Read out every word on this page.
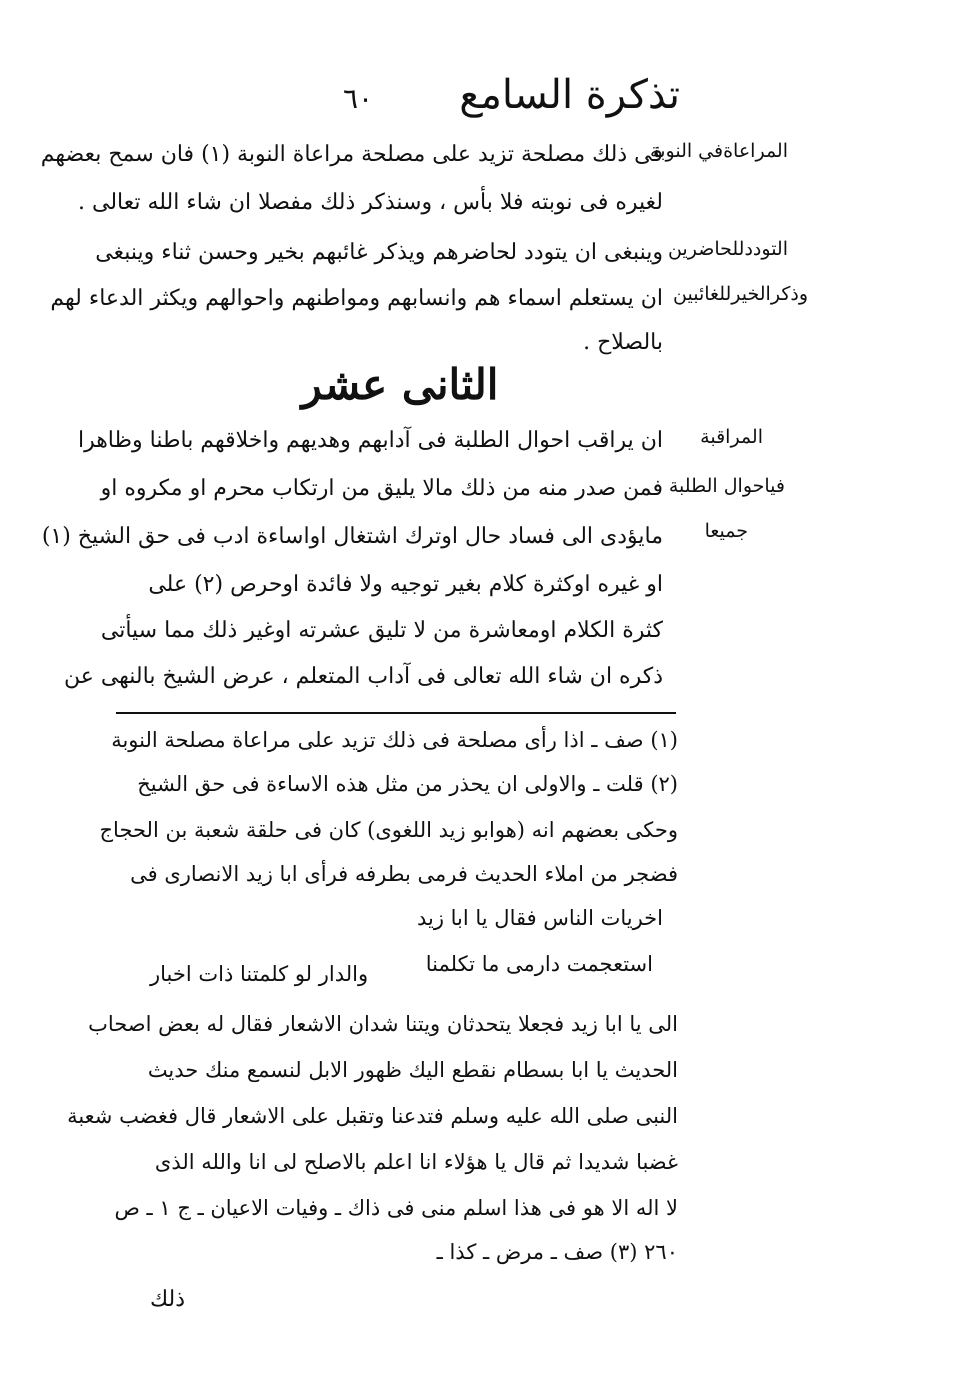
تذكرة السامع
٦٠
المراعاةفي النوبة
التوددللحاضرين
وذكرالخيرللغائبين
المراقبة
فياحوال الطلبة
جميعا
فى ذلك مصلحة تزيد على مصلحة مراعاة النوبة (١) فان سمح بعضهم
لغيره فى نوبته فلا بأس ، وسنذكر ذلك مفصلا ان شاء الله تعالى .
وينبغى ان يتودد لحاضرهم ويذكر غائبهم بخير وحسن ثناء وينبغى
ان يستعلم اسماء هم وانسابهم ومواطنهم واحوالهم ويكثر الدعاء لهم
بالصلاح .
الثانى عشر
ان يراقب احوال الطلبة فى آدابهم وهديهم واخلاقهم باطنا وظاهرا
فمن صدر منه من ذلك مالا يليق من ارتكاب محرم او مكروه او
مايؤدى الى فساد حال اوترك اشتغال اواساءة ادب فى حق الشيخ (١)
او غيره اوكثرة كلام بغير توجيه ولا فائدة اوحرص (٢) على
كثرة الكلام اومعاشرة من لا تليق عشرته اوغير ذلك مما سيأتى
ذكره ان شاء الله تعالى فى آداب المتعلم ، عرض الشيخ بالنهى عن
(١) صف ـ اذا رأى مصلحة فى ذلك تزيد على مراعاة مصلحة النوبة
(٢) قلت ـ والاولى ان يحذر من مثل هذه الاساءة فى حق الشيخ
وحكى بعضهم انه (هوابو زيد اللغوى) كان فى حلقة شعبة بن الحجاج
فضجر من املاء الحديث فرمى بطرفه فرأى ابا زيد الانصارى فى
اخريات الناس فقال يا ابا زيد
استعجمت دارمى ما تكلمنا
والدار لو كلمتنا ذات اخبار
الى يا ابا زيد فجعلا يتحدثان ويتنا شدان الاشعار فقال له بعض اصحاب
الحديث يا ابا بسطام نقطع اليك ظهور الابل لنسمع منك حديث
النبى صلى الله عليه وسلم فتدعنا وتقبل على الاشعار قال فغضب شعبة
غضبا شديدا ثم قال يا هؤلاء انا اعلم بالاصلح لى انا والله الذى
لا اله الا هو فى هذا اسلم منى فى ذاك ـ وفيات الاعيان ـ ج ١ ـ ص
٢٦٠ (٣) صف ـ مرض ـ كذا ـ
ذلك
